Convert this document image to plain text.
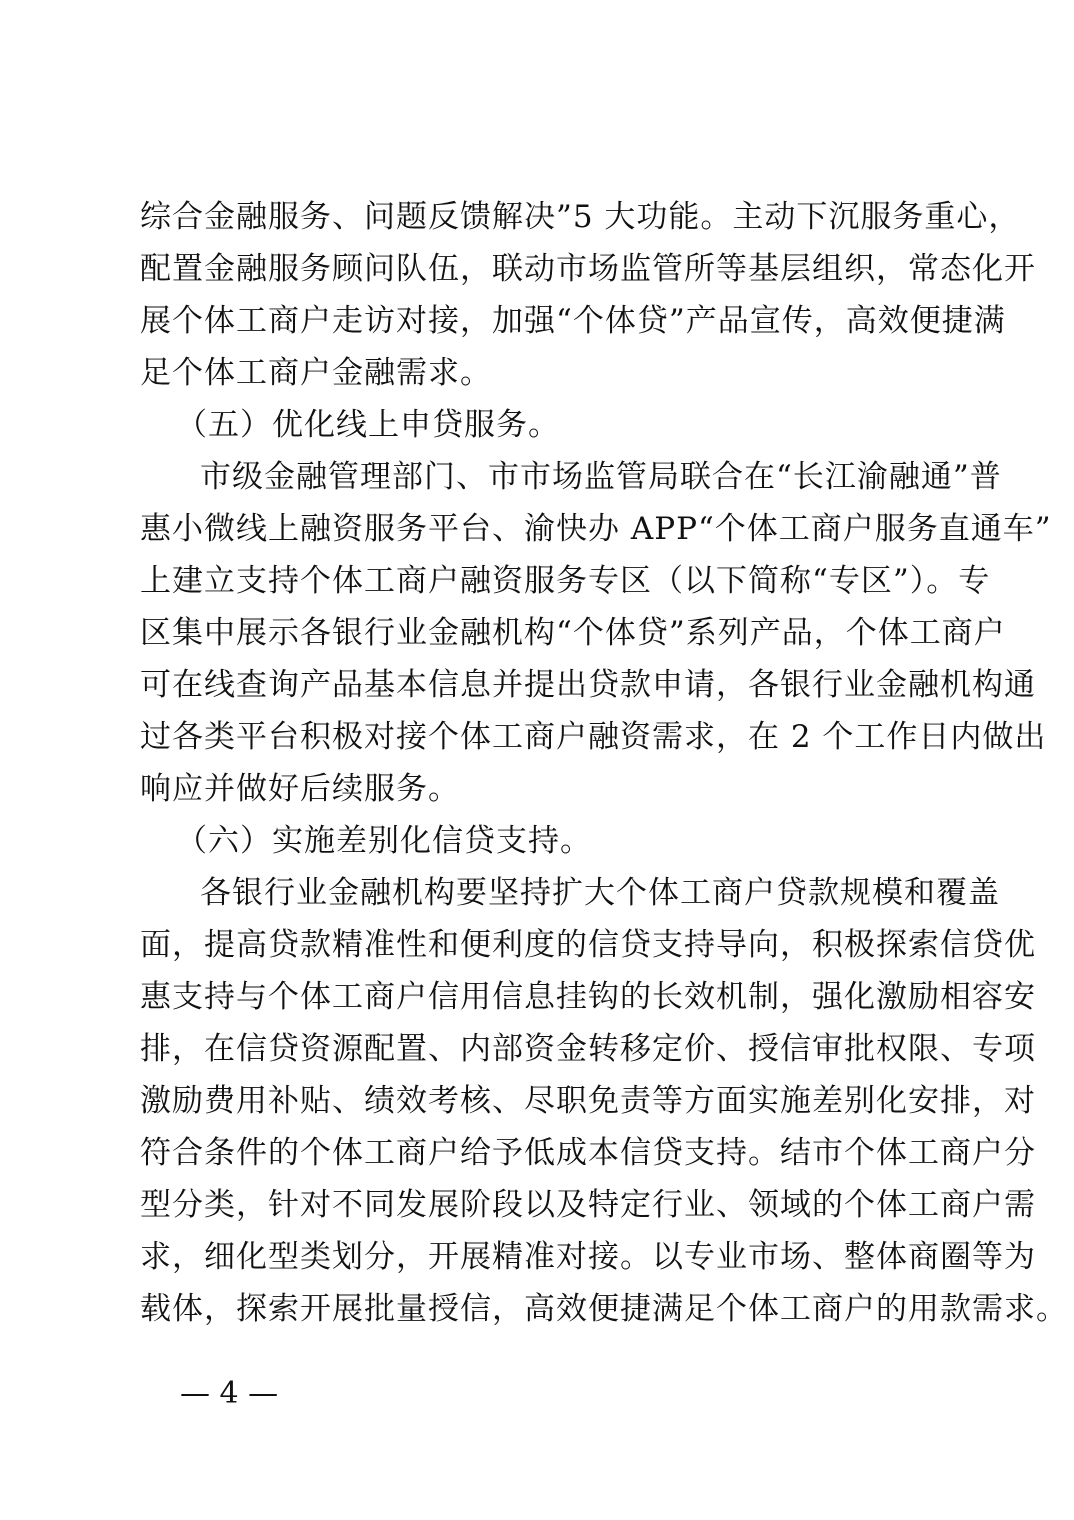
综合金融服务、问题反馈解决”5 大功能。主动下沉服务重心，
配置金融服务顾问队伍，联动市场监管所等基层组织，常态化开
展个体工商户走访对接，加强“个体贷”产品宣传，高效便捷满
足个体工商户金融需求。
（五）优化线上申贷服务。
市级金融管理部门、市市场监管局联合在“长江渝融通”普
惠小微线上融资服务平台、渝快办 APP“个体工商户服务直通车”
上建立支持个体工商户融资服务专区（以下简称“专区”）。专
区集中展示各银行业金融机构“个体贷”系列产品，个体工商户
可在线查询产品基本信息并提出贷款申请，各银行业金融机构通
过各类平台积极对接个体工商户融资需求，在 2 个工作日内做出
响应并做好后续服务。
（六）实施差别化信贷支持。
各银行业金融机构要坚持扩大个体工商户贷款规模和覆盖
面，提高贷款精准性和便利度的信贷支持导向，积极探索信贷优
惠支持与个体工商户信用信息挂钩的长效机制，强化激励相容安
排，在信贷资源配置、内部资金转移定价、授信审批权限、专项
激励费用补贴、绩效考核、尽职免责等方面实施差别化安排，对
符合条件的个体工商户给予低成本信贷支持。结市个体工商户分
型分类，针对不同发展阶段以及特定行业、领域的个体工商户需
求，细化型类划分，开展精准对接。以专业市场、整体商圈等为
载体，探索开展批量授信，高效便捷满足个体工商户的用款需求。
— 4 —
